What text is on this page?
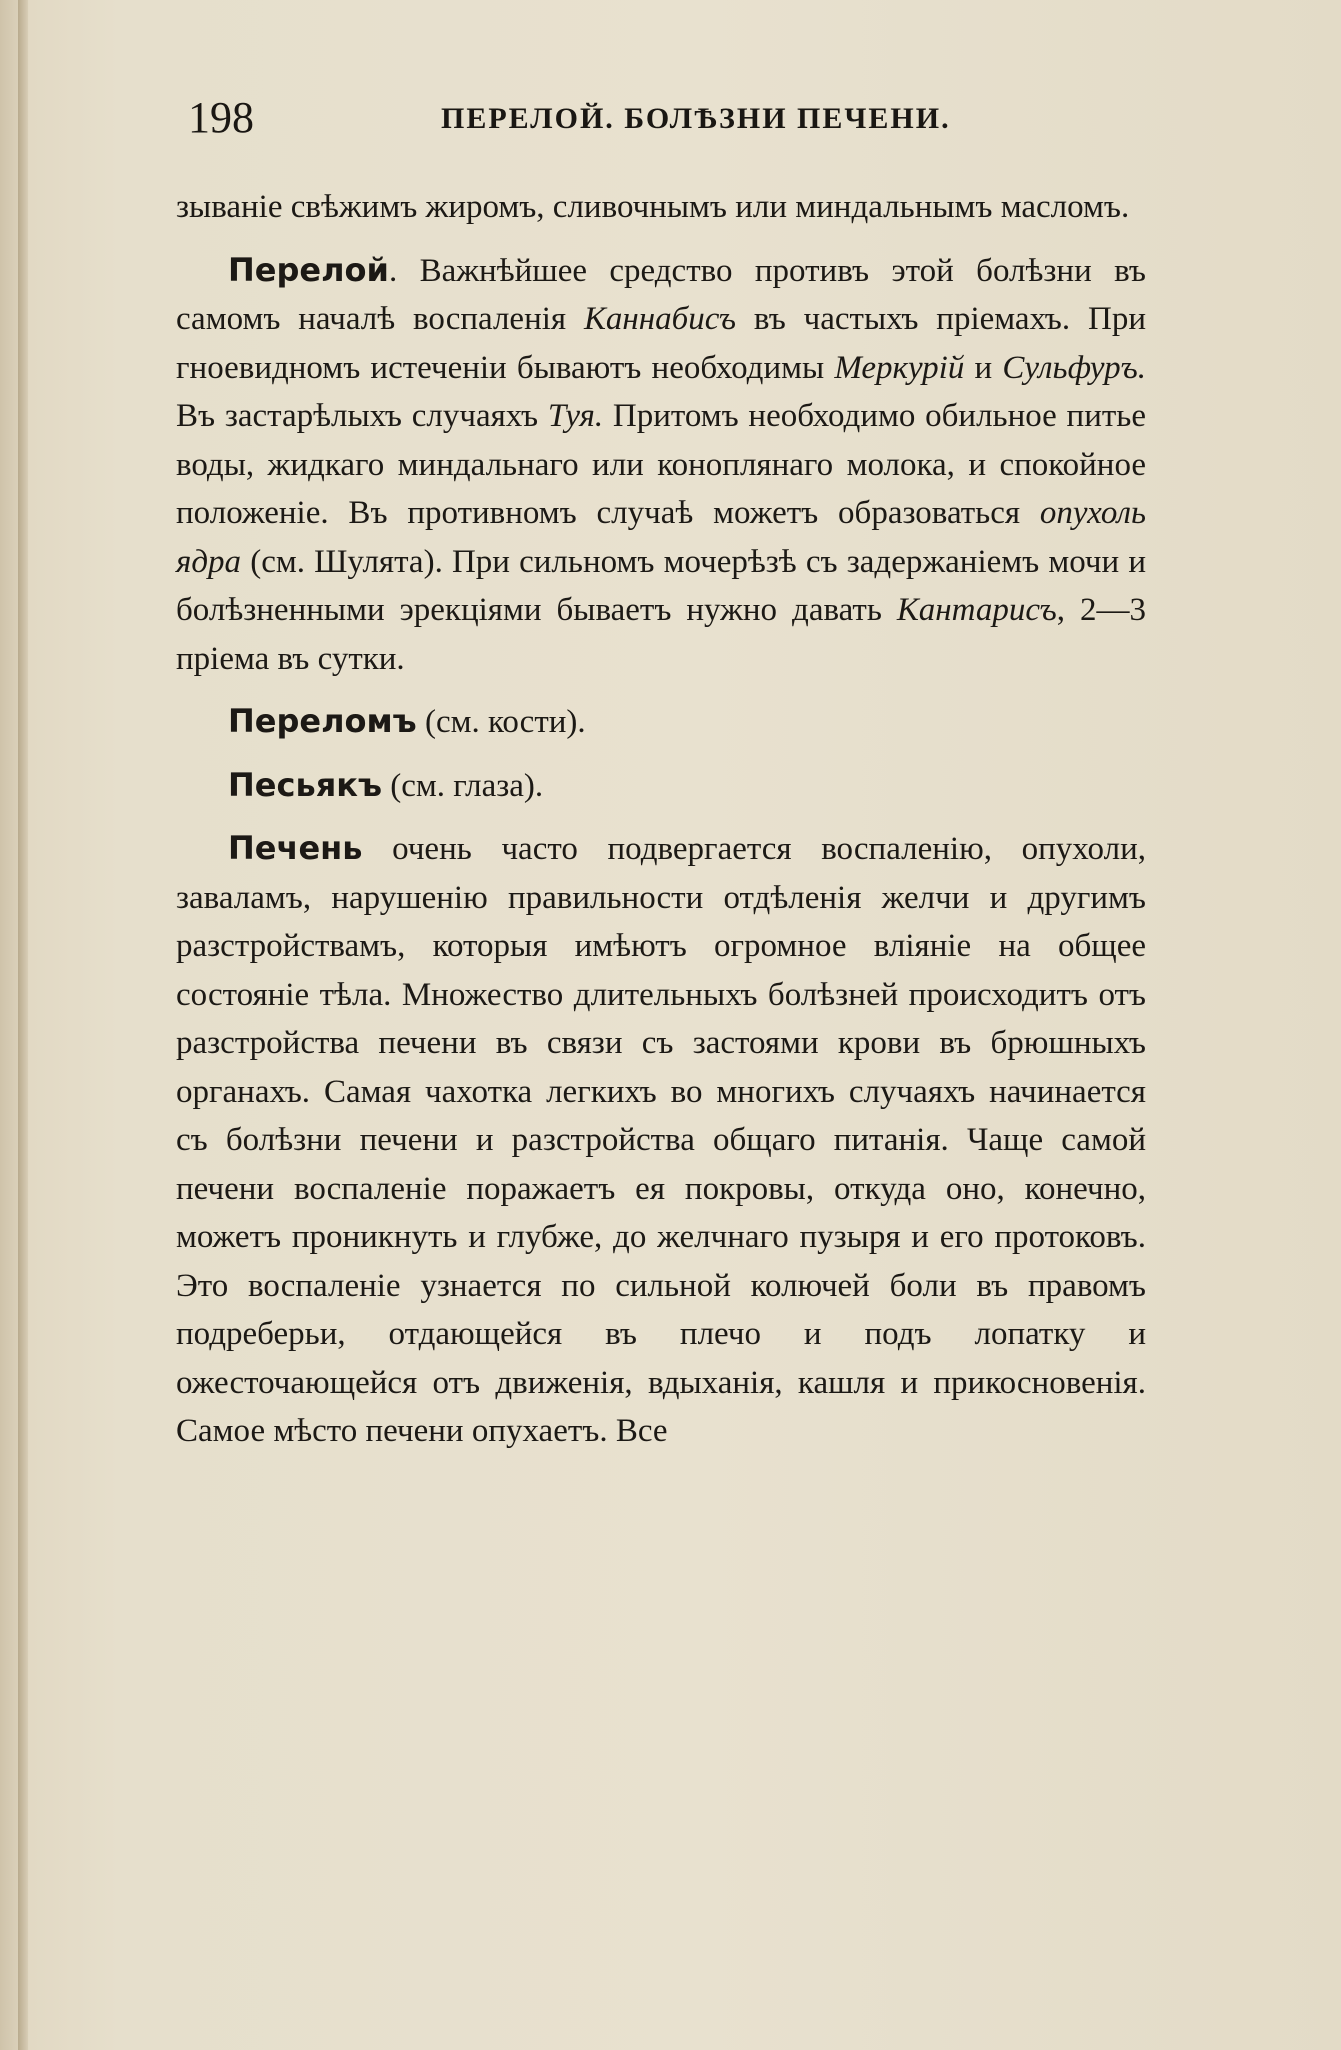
198	ПЕРЕЛОЙ. БОЛѢЗНИ ПЕЧЕНИ.

зыванiе свѣжимъ жиромъ, сливочнымъ или миндальнымъ масломъ.

Перелой. Важнѣйшее средство противъ этой болѣзни въ самомъ началѣ воспаленiя Каннабисъ въ частыхъ прiемахъ. При гноевидномъ истеченiи бываютъ необходимы Меркурiй и Сульфуръ. Въ застарѣлыхъ случаяхъ Туя. Притомъ необходимо обильное питье воды, жидкаго миндальнаго или конoплянаго молока, и спокойное положенiе. Въ противномъ случаѣ можетъ образоваться опухоль ядра (см. Шулята). При сильномъ мочерѣзѣ съ задержанiемъ мочи и болѣзненными эрекцiями бываетъ нужно давать Кантарисъ, 2—3 прiема въ сутки.

Переломъ (см. кости).

Песьякъ (см. глаза).

Печень очень часто подвергается воспаленiю, опухоли, заваламъ, нарушенiю правильности отдѣленiя желчи и другимъ разстройствамъ, которыя имѣютъ огромное влiянiе на общее состоянiе тѣла. Множество длительныхъ болѣзней происходитъ отъ разстройства печени въ связи съ застоями крови въ брюшныхъ органахъ. Самая чахотка легкихъ во многихъ случаяхъ начинается съ болѣзни печени и разстройства общаго питанiя. Чаще самой печени воспаленiе поражаетъ ея покровы, откуда оно, конечно, можетъ проникнуть и глубже, до желчнаго пузыря и его протоковъ. Это воспаленiе узнается по сильной колючей боли въ правомъ подреберьи, отдающейся въ плечо и подъ лопатку и ожесточающейся отъ движенiя, вдыханiя, кашля и прикосновенiя. Самое мѣсто печени опухаетъ. Все
